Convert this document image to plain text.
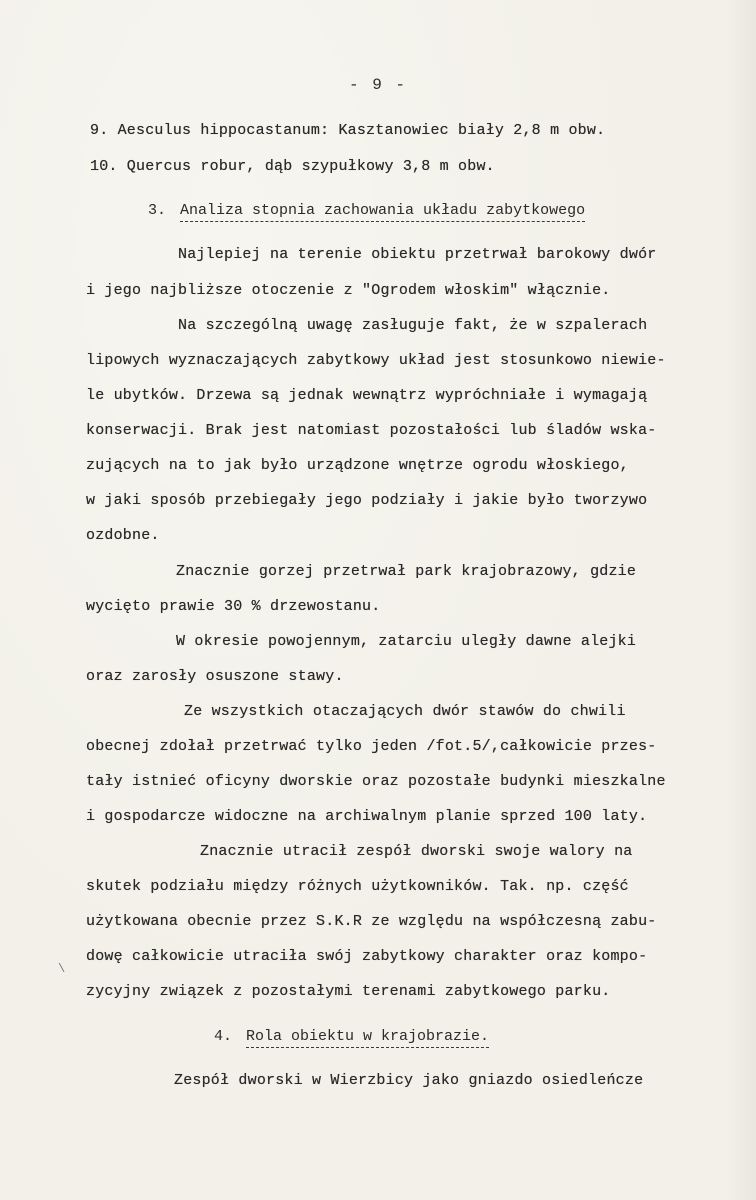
- 9 -
9. Aesculus hippocastanum: Kasztanowiec biały 2,8 m obw.
10. Quercus robur, dąb szypułkowy 3,8 m obw.
3. Analiza stopnia zachowania układu zabytkowego
Najlepiej na terenie obiektu przetrwał barokowy dwór
i jego najbliższe otoczenie z "Ogrodem włoskim" włącznie.
Na szczególną uwagę zasługuje fakt, że w szpalerach
lipowych wyznaczających zabytkowy układ jest stosunkowo niewie-
le ubytków. Drzewa są jednak wewnątrz wypróchniałe i wymagają
konserwacji. Brak jest natomiast pozostałości lub śladów wska-
zujących na to jak było urządzone wnętrze ogrodu włoskiego,
w jaki sposób przebiegały jego podziały i jakie było tworzywo
ozdobne.
Znacznie gorzej przetrwał park krajobrazowy, gdzie
wycięto prawie 30 % drzewostanu.
W okresie powojennym, zatarciu uległy dawne alejki
oraz zarosły osuszone stawy.
Ze wszystkich otaczających dwór stawów do chwili
obecnej zdołał przetrwać tylko jeden /fot.5/,całkowicie przes-
tały istnieć oficyny dworskie oraz pozostałe budynki mieszkalne
i gospodarcze widoczne na archiwalnym planie sprzed 100 laty.
Znacznie utracił zespół dworski swoje walory na
skutek podziału między różnych użytkowników. Tak. np. część
użytkowana obecnie przez S.K.R ze względu na współczesną zabu-
dowę całkowicie utraciła swój zabytkowy charakter oraz kompo-
zycyjny związek z pozostałymi terenami zabytkowego parku.
4. Rola obiektu w krajobrazie.
Zespół dworski w Wierzbicy jako gniazdo osiedleńcze
\
